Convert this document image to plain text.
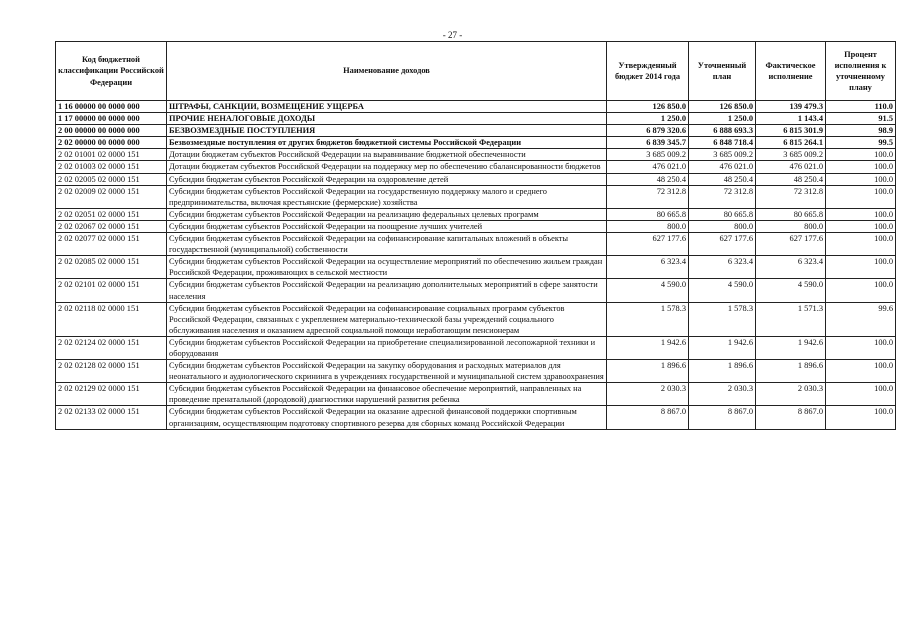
- 27 -
Код бюджетной классификации Российской Федерации	Наименование доходов	Утвержденный бюджет 2014 года	Уточненный план	Фактическое исполнение	Процент исполнения к уточненному плану
1 16 00000 00 0000 000	ШТРАФЫ, САНКЦИИ, ВОЗМЕЩЕНИЕ УЩЕРБА	126 850.0	126 850.0	139 479.3	110.0
1 17 00000 00 0000 000	ПРОЧИЕ НЕНАЛОГОВЫЕ ДОХОДЫ	1 250.0	1 250.0	1 143.4	91.5
2 00 00000 00 0000 000	БЕЗВОЗМЕЗДНЫЕ ПОСТУПЛЕНИЯ	6 879 320.6	6 888 693.3	6 815 301.9	98.9
2 02 00000 00 0000 000	Безвозмездные поступления от других бюджетов бюджетной системы Российской Федерации	6 839 345.7	6 848 718.4	6 815 264.1	99.5
2 02 01001 02 0000 151	Дотации бюджетам субъектов Российской Федерации на выравнивание бюджетной обеспеченности	3 685 009.2	3 685 009.2	3 685 009.2	100.0
2 02 01003 02 0000 151	Дотации бюджетам субъектов Российской Федерации на поддержку мер по обеспечению сбалансированности бюджетов	476 021.0	476 021.0	476 021.0	100.0
2 02 02005 02 0000 151	Субсидии бюджетам субъектов Российской Федерации на оздоровление детей	48 250.4	48 250.4	48 250.4	100.0
2 02 02009 02 0000 151	Субсидии бюджетам субъектов Российской Федерации на государственную поддержку малого и среднего предпринимательства, включая крестьянские (фермерские) хозяйства	72 312.8	72 312.8	72 312.8	100.0
2 02 02051 02 0000 151	Субсидии бюджетам субъектов Российской Федерации на реализацию федеральных целевых программ	80 665.8	80 665.8	80 665.8	100.0
2 02 02067 02 0000 151	Субсидии бюджетам субъектов Российской Федерации на поощрение лучших учителей	800.0	800.0	800.0	100.0
2 02 02077 02 0000 151	Субсидии бюджетам субъектов Российской Федерации на софинансирование капитальных вложений в объекты государственной (муниципальной) собственности	627 177.6	627 177.6	627 177.6	100.0
2 02 02085 02 0000 151	Субсидии бюджетам субъектов Российской Федерации на осуществление мероприятий по обеспечению жильем граждан Российской Федерации, проживающих в сельской местности	6 323.4	6 323.4	6 323.4	100.0
2 02 02101 02 0000 151	Субсидии бюджетам субъектов Российской Федерации на реализацию дополнительных мероприятий в сфере занятости населения	4 590.0	4 590.0	4 590.0	100.0
2 02 02118 02 0000 151	Субсидии бюджетам субъектов Российской Федерации на софинансирование социальных программ субъектов Российской Федерации, связанных с укреплением материально-технической базы учреждений социального обслуживания населения и оказанием адресной социальной помощи неработающим пенсионерам	1 578.3	1 578.3	1 571.3	99.6
2 02 02124 02 0000 151	Субсидии бюджетам субъектов Российской Федерации на приобретение специализированной лесопожарной техники и оборудования	1 942.6	1 942.6	1 942.6	100.0
2 02 02128 02 0000 151	Субсидии бюджетам субъектов Российской Федерации на закупку оборудования и расходных материалов для неонатального и аудиологического скрининга в учреждениях государственной и муниципальной систем здравоохранения	1 896.6	1 896.6	1 896.6	100.0
2 02 02129 02 0000 151	Субсидии бюджетам субъектов Российской Федерации на финансовое обеспечение мероприятий, направленных на проведение пренатальной (дородовой) диагностики нарушений развития ребенка	2 030.3	2 030.3	2 030.3	100.0
2 02 02133 02 0000 151	Субсидии бюджетам субъектов Российской Федерации на оказание адресной финансовой поддержки спортивным организациям, осуществляющим подготовку спортивного резерва для сборных команд Российской Федерации	8 867.0	8 867.0	8 867.0	100.0
